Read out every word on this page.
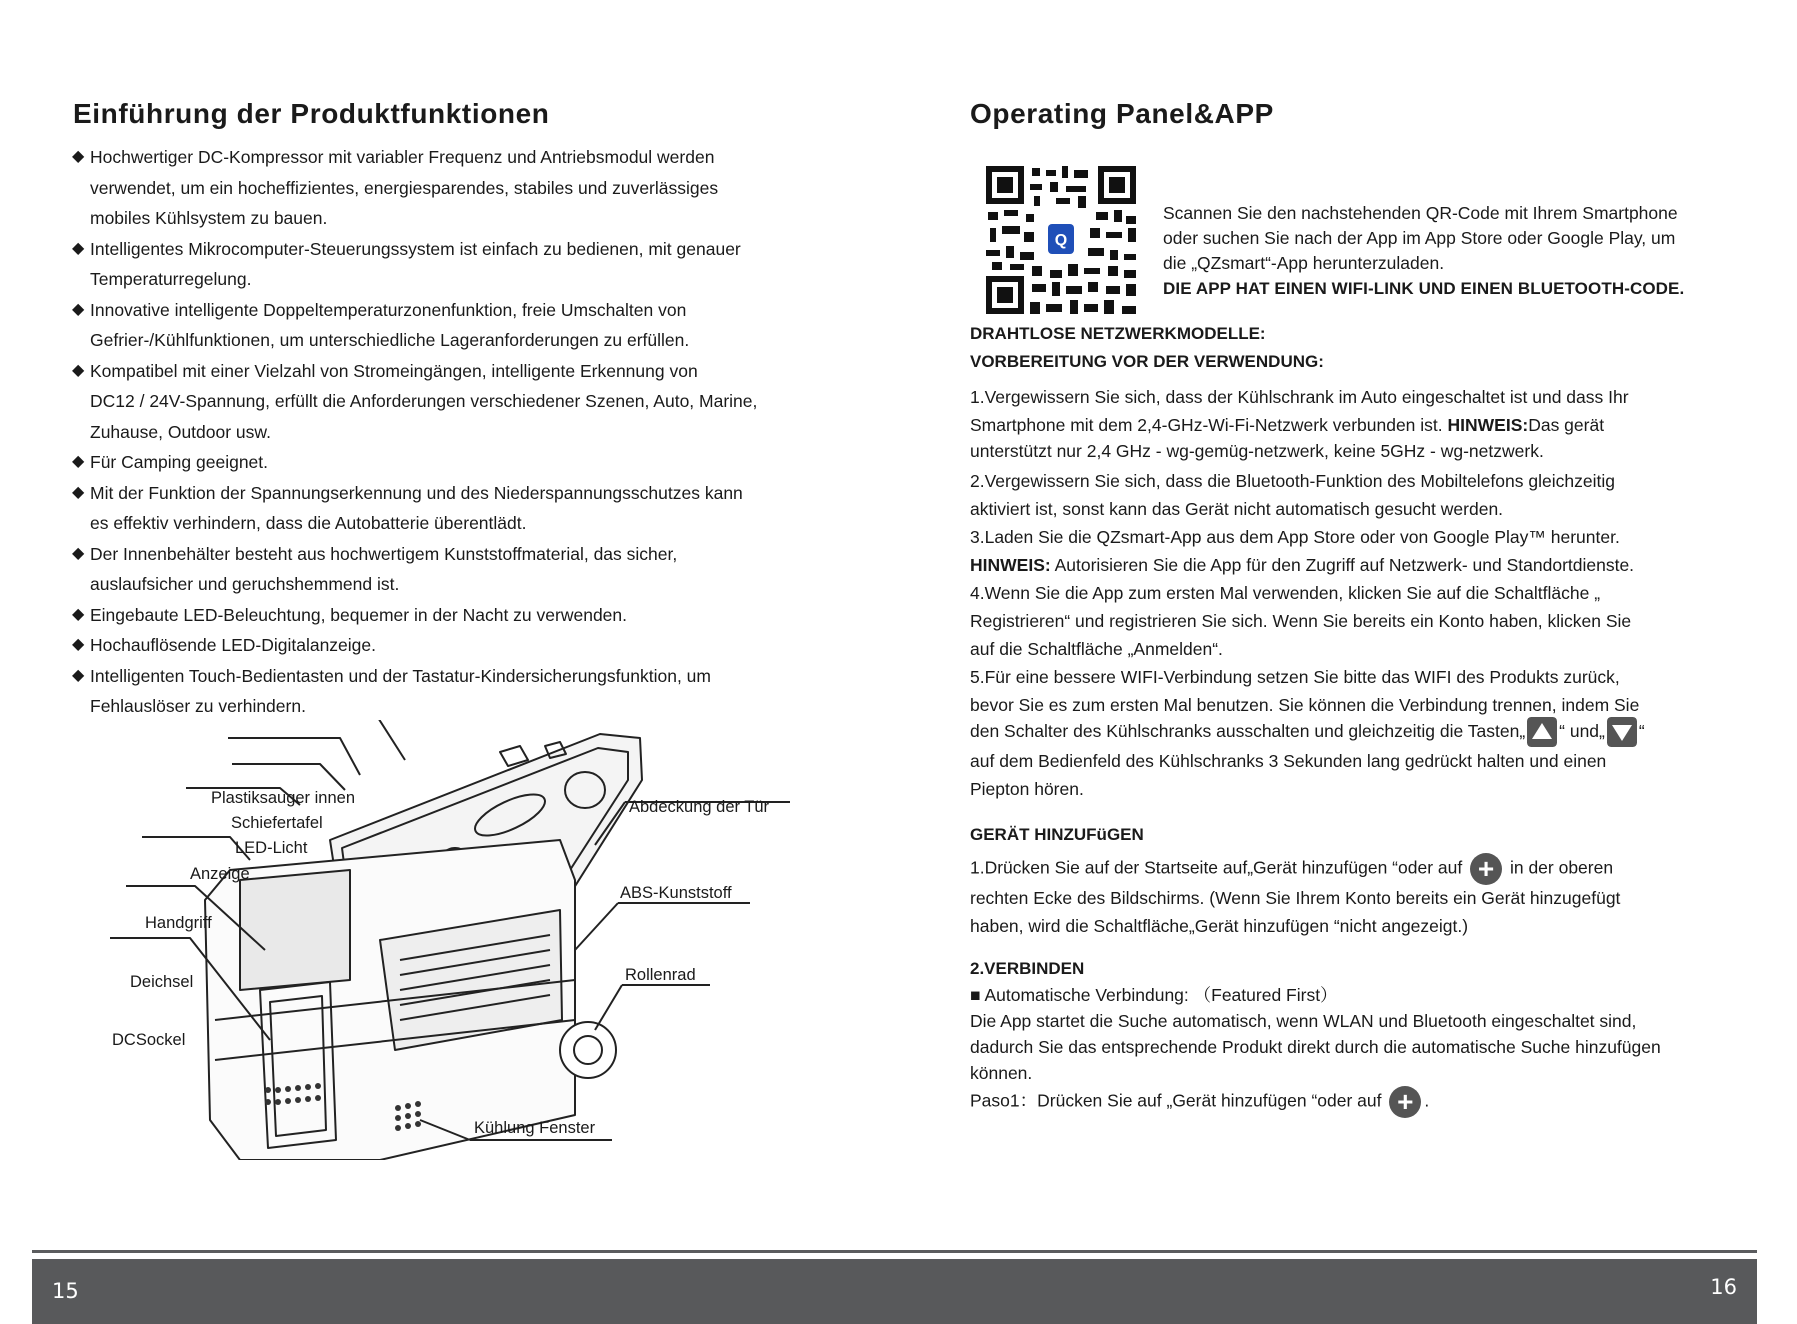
Einführung der Produktfunktionen
◆ Hochwertiger DC-Kompressor mit variabler Frequenz und Antriebsmodul werden
verwendet, um ein hocheffizientes, energiesparendes, stabiles und zuverlässiges
mobiles Kühlsystem zu bauen.
◆ Intelligentes Mikrocomputer-Steuerungssystem ist einfach zu bedienen, mit genauer
Temperaturregelung.
◆ Innovative intelligente Doppeltemperaturzonenfunktion, freie Umschalten von
Gefrier-/Kühlfunktionen, um unterschiedliche Lageranforderungen zu erfüllen.
◆ Kompatibel mit einer Vielzahl von Stromeingängen, intelligente Erkennung von
DC12 / 24V-Spannung, erfüllt die Anforderungen verschiedener Szenen, Auto, Marine,
Zuhause, Outdoor usw.
◆ Für Camping geeignet.
◆ Mit der Funktion der Spannungserkennung und des Niederspannungsschutzes kann
es effektiv verhindern, dass die Autobatterie überentlädt.
◆ Der Innenbehälter besteht aus hochwertigem Kunststoffmaterial, das sicher,
auslaufsicher und geruchshemmend ist.
◆ Eingebaute LED-Beleuchtung, bequemer in der Nacht zu verwenden.
◆ Hochauflösende LED-Digitalanzeige.
◆ Intelligenten Touch-Bedientasten und der Tastatur-Kindersicherungsfunktion, um
Fehlauslöser zu verhindern.
Plastiksauger innen
Schiefertafel
LED-Licht
Anzeige
Handgriff
Deichsel
DCSockel
Abdeckung der Tür
ABS-Kunststoff
Rollenrad
Kühlung Fenster
Operating Panel&APP
Q
Scannen Sie den nachstehenden QR-Code mit Ihrem Smartphone
oder suchen Sie nach der App im App Store oder Google Play, um
die „QZsmart“-App herunterzuladen.
DIE APP HAT EINEN WIFI-LINK UND EINEN BLUETOOTH-CODE.
DRAHTLOSE NETZWERKMODELLE:
VORBEREITUNG VOR DER VERWENDUNG:
1.Vergewissern Sie sich, dass der Kühlschrank im Auto eingeschaltet ist und dass Ihr
Smartphone mit dem 2,4-GHz-Wi-Fi-Netzwerk verbunden ist. HINWEIS:Das gerät
unterstützt nur 2,4 GHz - wg-gemüg-netzwerk, keine 5GHz - wg-netzwerk.
2.Vergewissern Sie sich, dass die Bluetooth-Funktion des Mobiltelefons gleichzeitig
aktiviert ist, sonst kann das Gerät nicht automatisch gesucht werden.
3.Laden Sie die QZsmart-App aus dem App Store oder von Google Play™ herunter.
HINWEIS: Autorisieren Sie die App für den Zugriff auf Netzwerk- und Standortdienste.
4.Wenn Sie die App zum ersten Mal verwenden, klicken Sie auf die Schaltfläche „
Registrieren“ und registrieren Sie sich. Wenn Sie bereits ein Konto haben, klicken Sie
auf die Schaltfläche „Anmelden“.
5.Für eine bessere WIFI-Verbindung setzen Sie bitte das WIFI des Produkts zurück,
bevor Sie es zum ersten Mal benutzen. Sie können die Verbindung trennen, indem Sie
den Schalter des Kühlschranks ausschalten und gleichzeitig die Tasten„ “ und„ “
auf dem Bedienfeld des Kühlschranks 3 Sekunden lang gedrückt halten und einen
Piepton hören.
GERÄT HINZUFüGEN
1.Drücken Sie auf der Startseite auf„Gerät hinzufügen “oder auf + in der oberen
rechten Ecke des Bildschirms. (Wenn Sie Ihrem Konto bereits ein Gerät hinzugefügt
haben, wird die Schaltfläche„Gerät hinzufügen “nicht angezeigt.)
2.VERBINDEN
■ Automatische Verbindung: （Featured First）
Die App startet die Suche automatisch, wenn WLAN und Bluetooth eingeschaltet sind,
dadurch Sie das entsprechende Produkt direkt durch die automatische Suche hinzufügen
können.
Paso1：Drücken Sie auf „Gerät hinzufügen “oder auf + .
15	16
